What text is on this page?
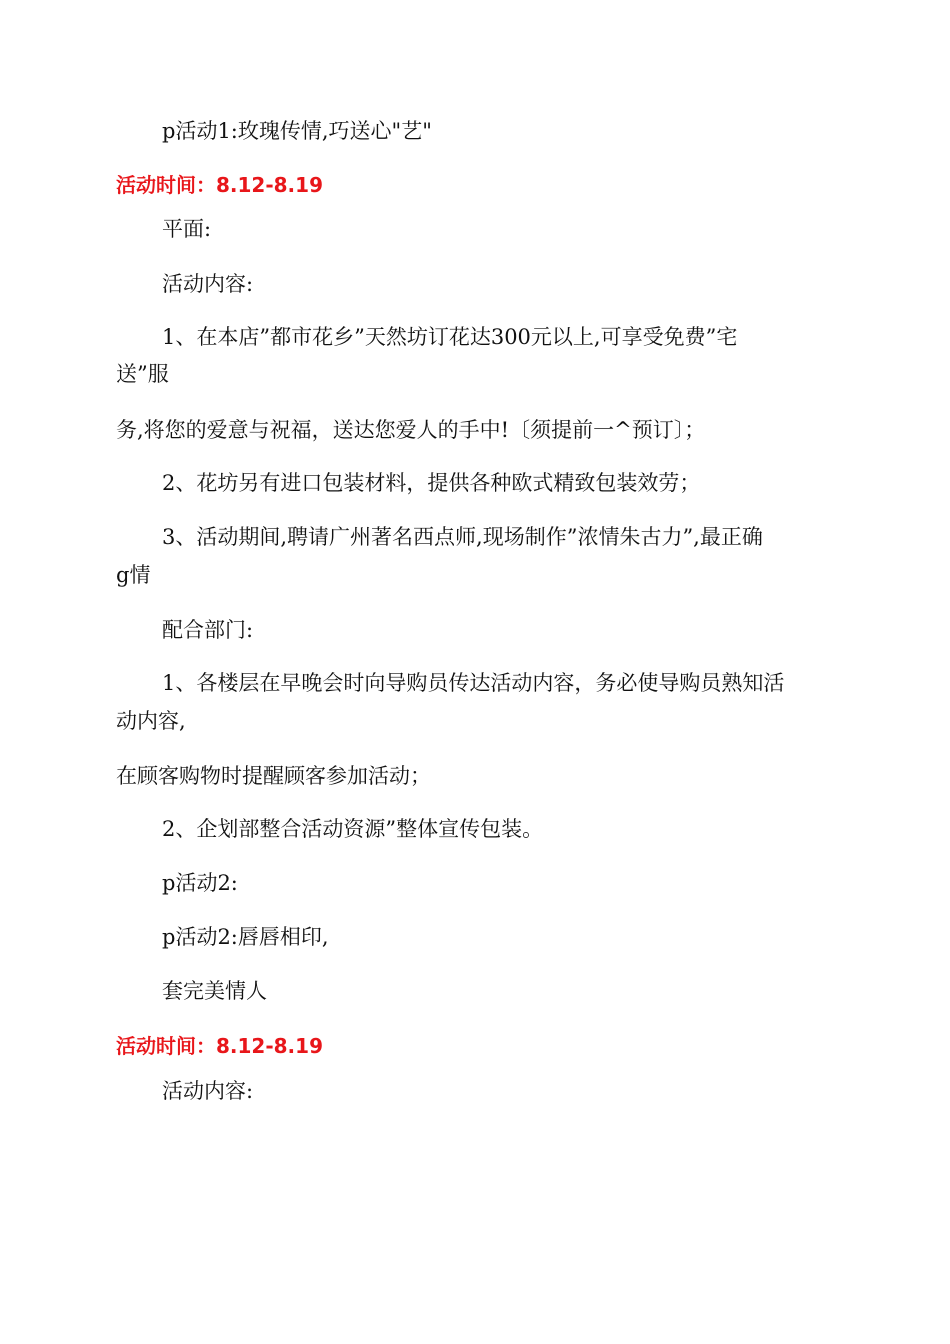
p活动1:玫瑰传情,巧送心"艺"
活动时间：8.12-8.19
平面:
活动内容:
1、在本店”都市花乡”天然坊订花达300元以上,可享受免费”宅
送”服
务,将您的爱意与祝福，送达您爱人的手中!〔须提前一^预订〕；
2、花坊另有进口包装材料，提供各种欧式精致包装效劳；
3、活动期间,聘请广州著名西点师,现场制作”浓情朱古力”,最正确
g情
配合部门:
1、各楼层在早晚会时向导购员传达活动内容，务必使导购员熟知活
动内容,
在顾客购物时提醒顾客参加活动；
2、企划部整合活动资源”整体宣传包装。
p活动2:
p活动2:唇唇相印,
套完美情人
活动时间：8.12-8.19
活动内容:
